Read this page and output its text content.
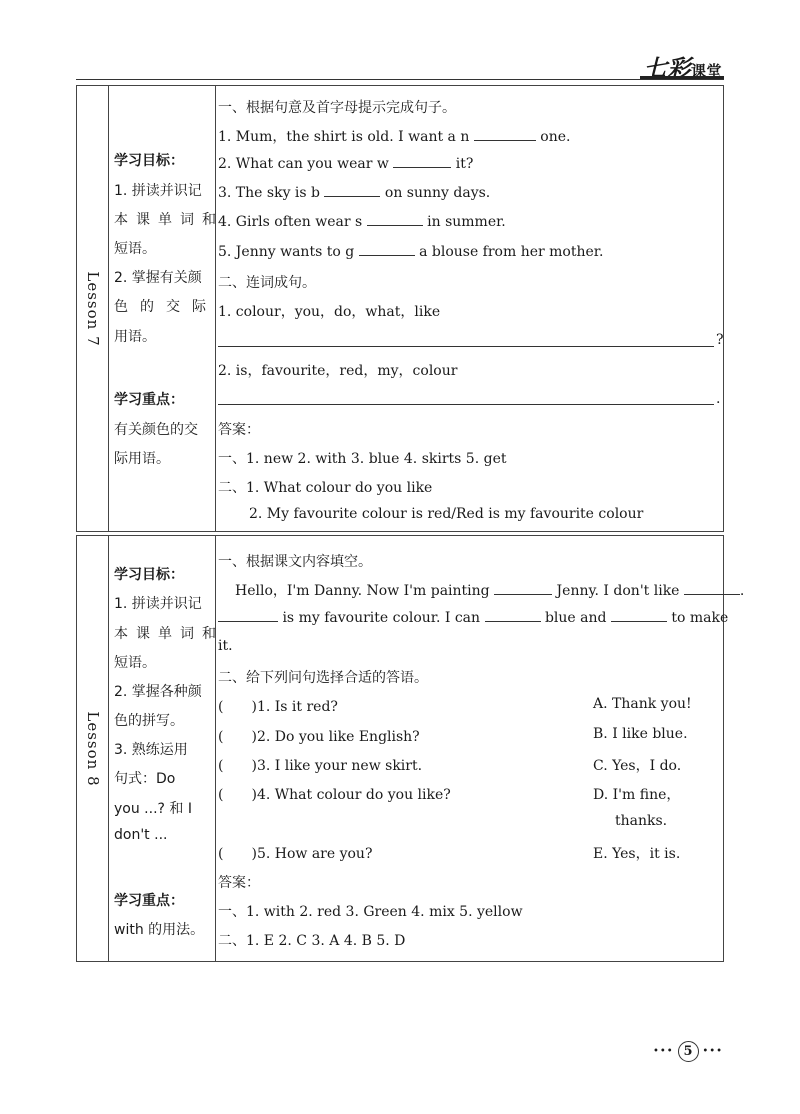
七彩课堂
Lesson 7
学习目标：
1. 拼读并识记
本课单词和
短语。
2. 掌握有关颜
色的交际
用语。
学习重点：
有关颜色的交
际用语。
一、根据句意及首字母提示完成句子。
1. Mum，the shirt is old. I want a n	one.
2. What can you wear w	it?
3. The sky is b	on sunny days.
4. Girls often wear s	in summer.
5. Jenny wants to g	a blouse from her mother.
二、连词成句。
1. colour，you，do，what，like
?
2. is，favourite，red，my，colour
.
答案：
一、1. new 2. with 3. blue 4. skirts 5. get
二、1. What colour do you like
2. My favourite colour is red/Red is my favourite colour
Lesson 8
学习目标：
1. 拼读并识记
本课单词和
短语。
2. 掌握各种颜
色的拼写。
3. 熟练运用
句式：Do
you ...? 和 I
don't ...
学习重点：
with 的用法。
一、根据课文内容填空。
Hello，I'm Danny. Now I'm painting	Jenny. I don't like	.
is my favourite colour. I can	blue and	to make
it.
二、给下列问句选择合适的答语。
(　　)1. Is it red?	A. Thank you!
(　　)2. Do you like English?	B. I like blue.
(　　)3. I like your new skirt.	C. Yes，I do.
(　　)4. What colour do you like?	D. I'm fine，
thanks.
(　　)5. How are you?	E. Yes，it is.
答案：
一、1. with 2. red 3. Green 4. mix 5. yellow
二、1. E 2. C 3. A 4. B 5. D
••• 5 •••
